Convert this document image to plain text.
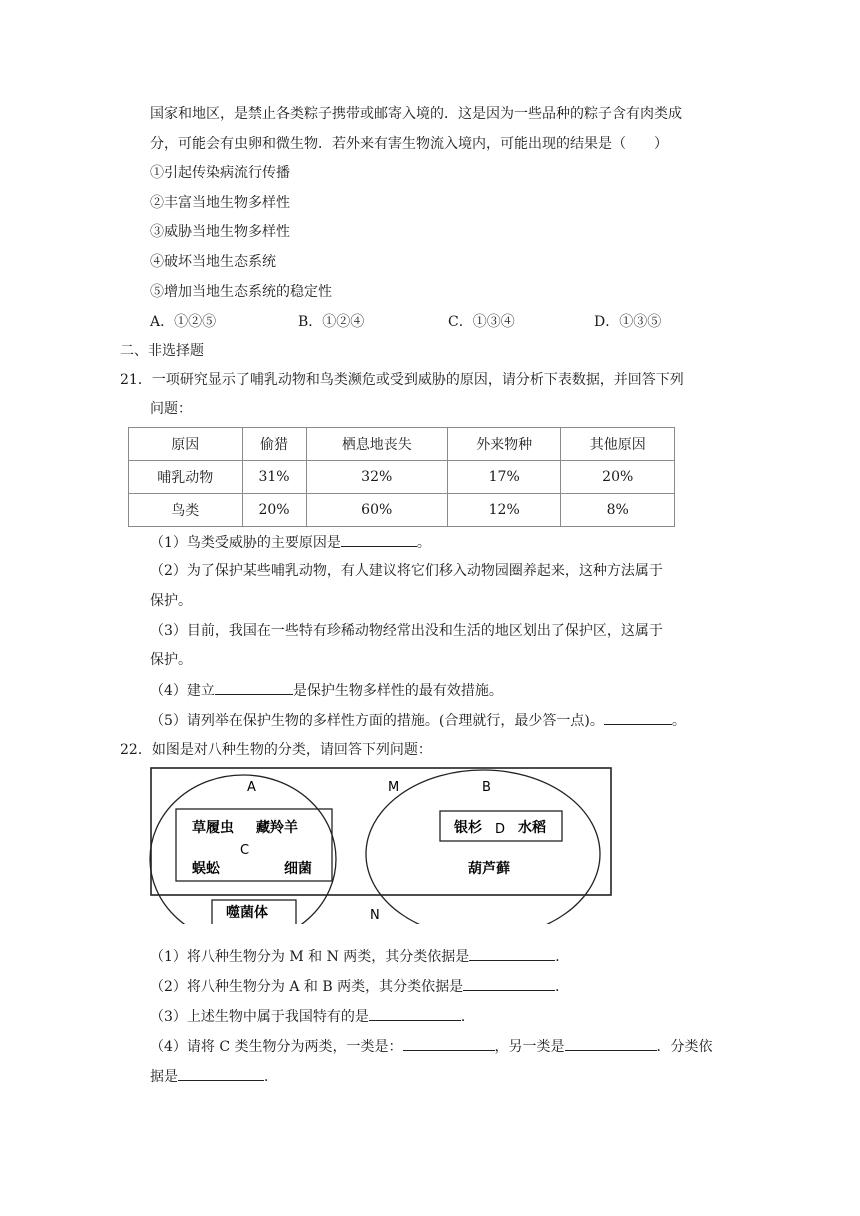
国家和地区，是禁止各类粽子携带或邮寄入境的．这是因为一些品种的粽子含有肉类成
分，可能会有虫卵和微生物．若外来有害生物流入境内，可能出现的结果是（　　）
①引起传染病流行传播
②丰富当地生物多样性
③威胁当地生物多样性
④破坏当地生态系统
⑤增加当地生态系统的稳定性
A．①②⑤	B．①②④	C．①③④	D．①③⑤
二、非选择题
21．一项研究显示了哺乳动物和鸟类濒危或受到威胁的原因，请分析下表数据，并回答下列
问题：
原因	偷猎	栖息地丧失	外来物种	其他原因
哺乳动物	31%	32%	17%	20%
鸟类	20%	60%	12%	8%
（1）鸟类受威胁的主要原因是	。
（2）为了保护某些哺乳动物，有人建议将它们移入动物园圈养起来，这种方法属于
保护。
（3）目前，我国在一些特有珍稀动物经常出没和生活的地区划出了保护区，这属于
保护。
（4）建立	是保护生物多样性的最有效措施。
（5）请列举在保护生物的多样性方面的措施。(合理就行，最少答一点)。	。
22．如图是对八种生物的分类，请回答下列问题：
A	M	B
C
D
N
草履虫 藏羚羊
蜈蚣	细菌
噬菌体
银杉	水稻
葫芦藓
（1）将八种生物分为 M 和 N 两类，其分类依据是	．
（2）将八种生物分为 A 和 B 两类，其分类依据是	．
（3）上述生物中属于我国特有的是	．
（4）请将 C 类生物分为两类，一类是：	，另一类是	．分类依
据是	．
